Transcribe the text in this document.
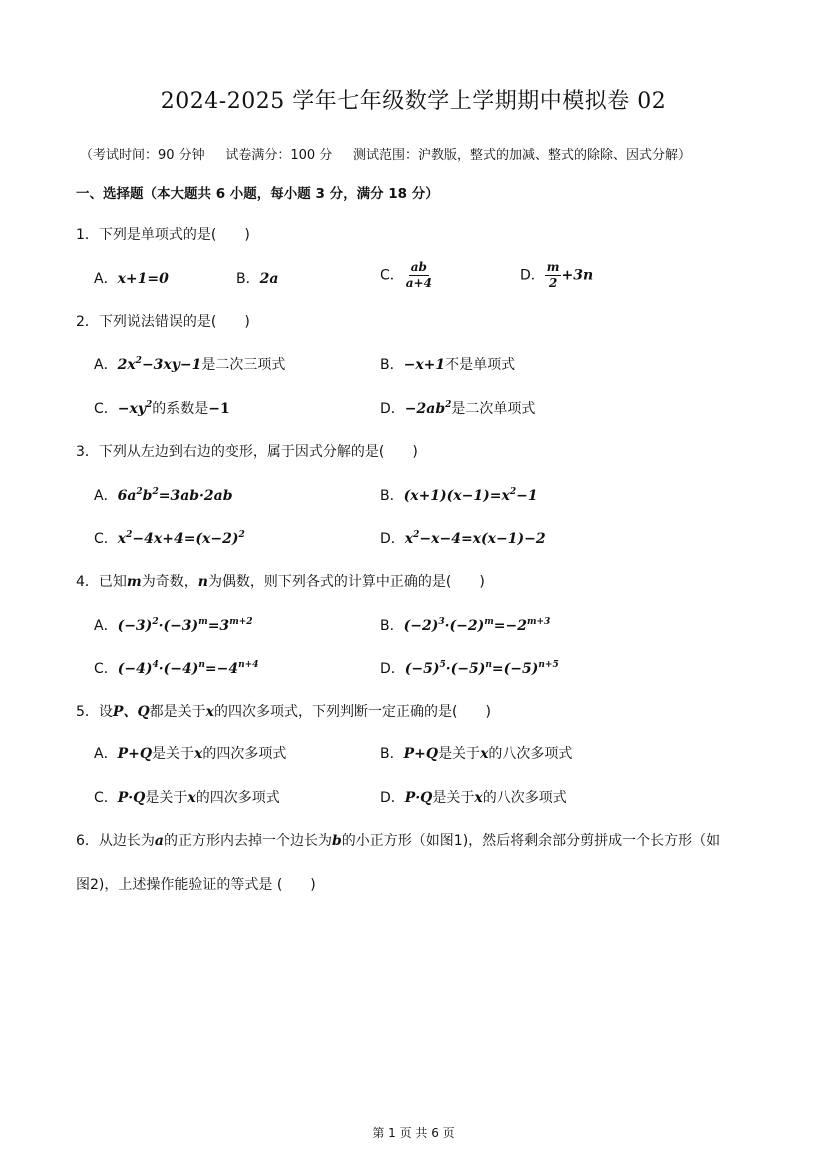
2024-2025 学年七年级数学上学期期中模拟卷 02
（考试时间：90 分钟     试卷满分：100 分     测试范围：沪教版，整式的加减、整式的除除、因式分解）
一、选择题（本大题共 6 小题，每小题 3 分，满分 18 分）
1．下列是单项式的是(　　)
A．x+1=0	B．2a	C． $\frac{ab}{a+4}$	D． $\frac{m}{2} +3n$
2．下列说法错误的是(　　)
A．$2x^2-3xy-1$是二次三项式	B．−x+1不是单项式
C．$-xy^2$的系数是−1	D．$-2ab^2$是二次单项式
3．下列从左边到右边的变形，属于因式分解的是(　　)
A．$6a^2b^2=3ab\cdot 2ab$	B．$(x+1)(x-1)=x^2-1$
C．$x^2-4x+4=(x-2)^2$	D．$x^2-x-4=x(x-1)-2$
4．已知m为奇数，n为偶数，则下列各式的计算中正确的是(　　)
A．$(-3)^2\cdot(-3)^m=3^{m+2}$	B．$(-2)^3\cdot(-2)^m=-2^{m+3}$
C．$(-4)^4\cdot(-4)^n=-4^{n+4}$	D．$(-5)^5\cdot(-5)^n=(-5)^{n+5}$
5．设P、Q都是关于x的四次多项式，下列判断一定正确的是(　　)
A．P+Q是关于x的四次多项式	B．P+Q是关于x的八次多项式
C．P·Q是关于x的四次多项式	D．P·Q是关于x的八次多项式
6．从边长为a的正方形内去掉一个边长为b的小正方形（如图1)，然后将剩余部分剪拼成一个长方形（如
图2)，上述操作能验证的等式是 (　　)
第 1 页 共 6 页
